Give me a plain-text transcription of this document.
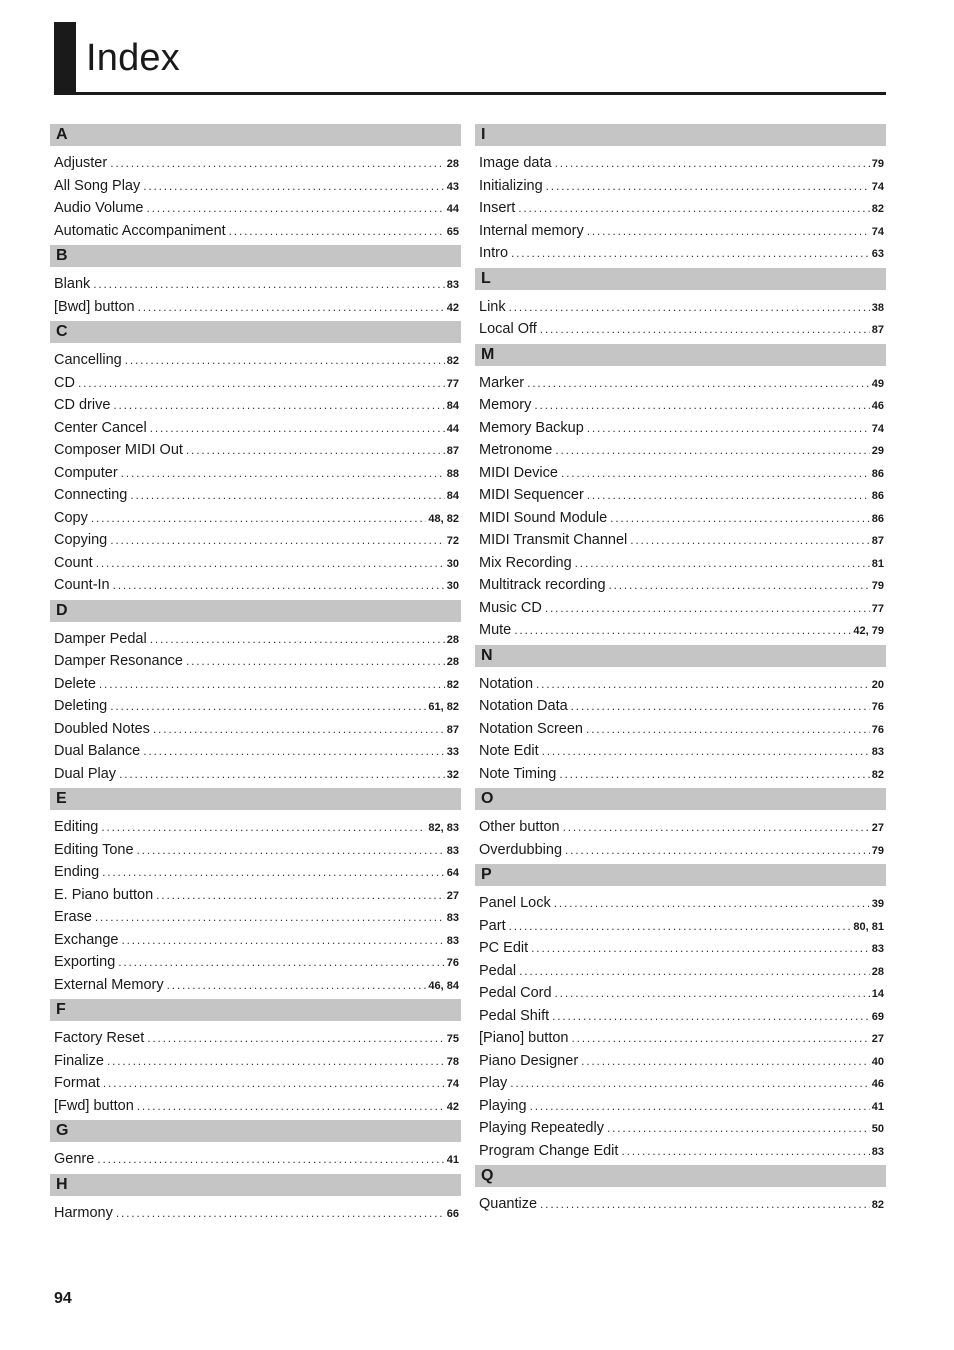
Index
A
Adjuster .....	28
All Song Play .....	43
Audio Volume .....	44
Automatic Accompaniment .....	65
B
Blank .....	83
[Bwd] button .....	42
C
Cancelling .....	82
CD .....	77
CD drive .....	84
Center Cancel .....	44
Composer MIDI Out .....	87
Computer .....	88
Connecting .....	84
Copy .....	48, 82
Copying .....	72
Count .....	30
Count-In .....	30
D
Damper Pedal .....	28
Damper Resonance .....	28
Delete .....	82
Deleting .....	61, 82
Doubled Notes .....	87
Dual Balance .....	33
Dual Play .....	32
E
Editing .....	82, 83
Editing Tone .....	83
Ending .....	64
E. Piano button .....	27
Erase .....	83
Exchange .....	83
Exporting .....	76
External Memory .....	46, 84
F
Factory Reset .....	75
Finalize .....	78
Format .....	74
[Fwd] button .....	42
G
Genre .....	41
H
Harmony .....	66
I
Image data .....	79
Initializing .....	74
Insert .....	82
Internal memory .....	74
Intro .....	63
L
Link .....	38
Local Off .....	87
M
Marker .....	49
Memory .....	46
Memory Backup .....	74
Metronome .....	29
MIDI Device .....	86
MIDI Sequencer .....	86
MIDI Sound Module .....	86
MIDI Transmit Channel .....	87
Mix Recording .....	81
Multitrack recording .....	79
Music CD .....	77
Mute .....	42, 79
N
Notation .....	20
Notation Data .....	76
Notation Screen .....	76
Note Edit .....	83
Note Timing .....	82
O
Other button .....	27
Overdubbing .....	79
P
Panel Lock .....	39
Part .....	80, 81
PC Edit .....	83
Pedal .....	28
Pedal Cord .....	14
Pedal Shift .....	69
[Piano] button .....	27
Piano Designer .....	40
Play .....	46
Playing .....	41
Playing Repeatedly .....	50
Program Change Edit .....	83
Q
Quantize .....	82
94
